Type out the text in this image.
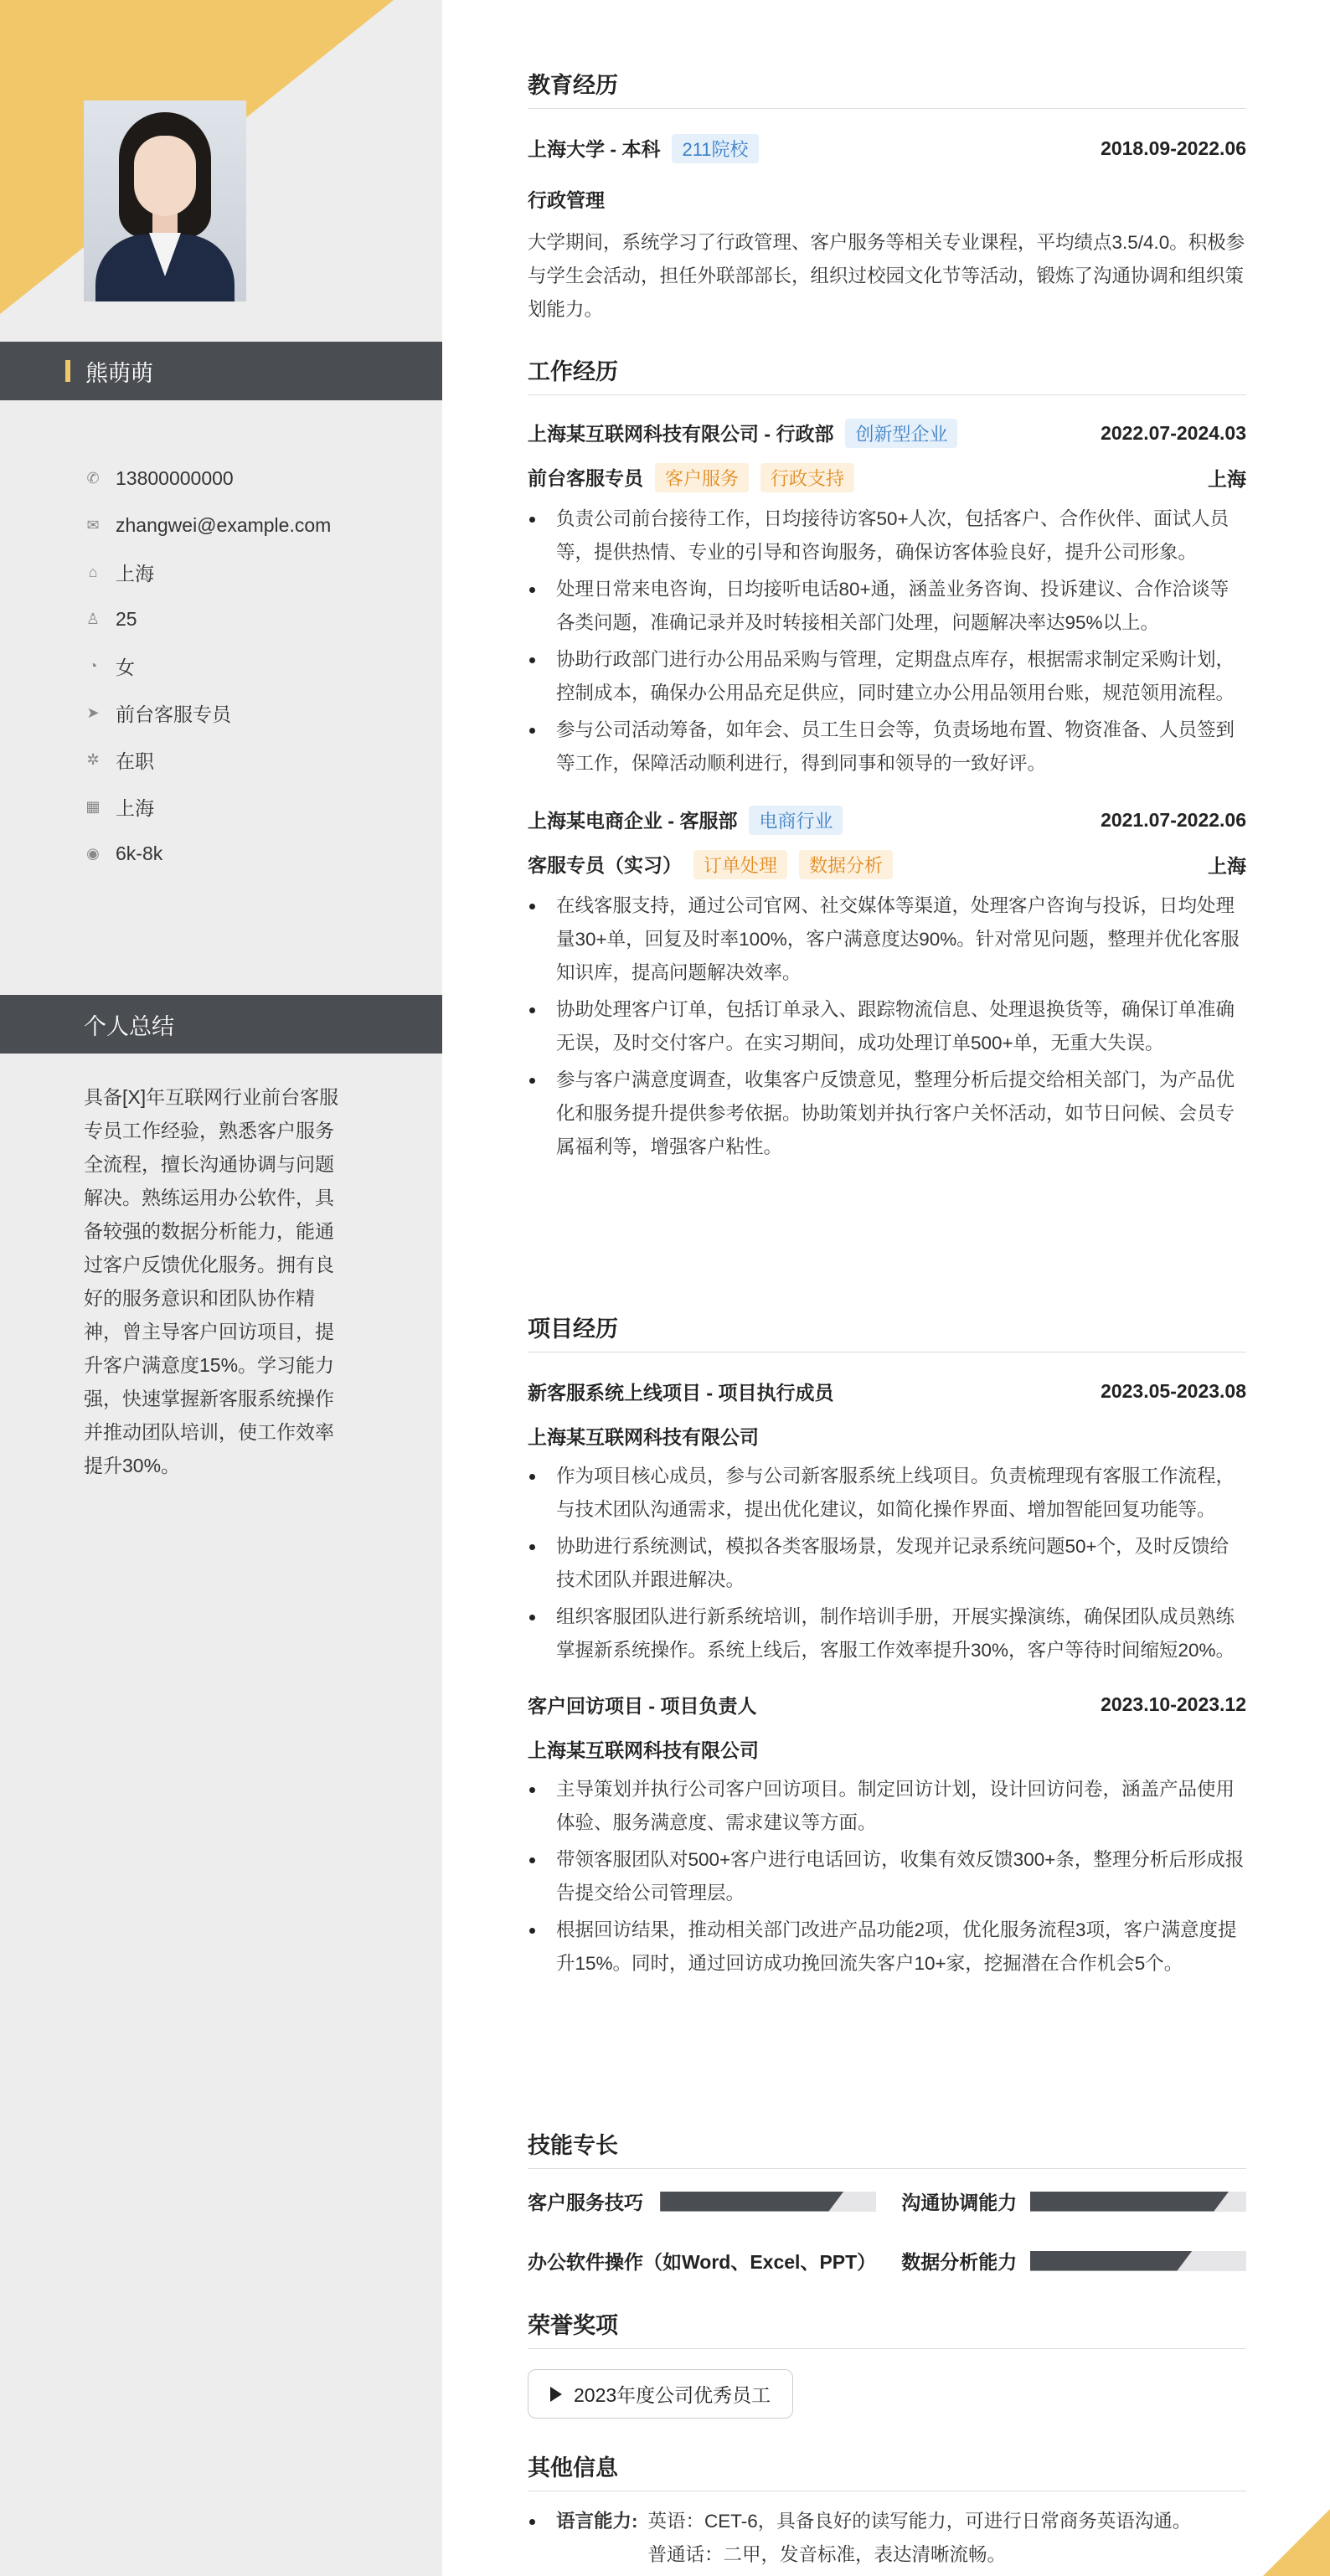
熊萌萌
✆ 13800000000
✉ zhangwei@example.com
⌂ 上海
♙ 25
◔ 女
➤ 前台客服专员
✲ 在职
▦ 上海
◉ 6k-8k
个人总结
具备[X]年互联网行业前台客服专员工作经验，熟悉客户服务全流程，擅长沟通协调与问题解决。熟练运用办公软件，具备较强的数据分析能力，能通过客户反馈优化服务。拥有良好的服务意识和团队协作精神，曾主导客户回访项目，提升客户满意度15%。学习能力强，快速掌握新客服系统操作并推动团队培训，使工作效率提升30%。
教育经历
上海大学 - 本科 211院校	2018.09-2022.06
行政管理
大学期间，系统学习了行政管理、客户服务等相关专业课程，平均绩点3.5/4.0。积极参与学生会活动，担任外联部部长，组织过校园文化节等活动，锻炼了沟通协调和组织策划能力。
工作经历
上海某互联网科技有限公司 - 行政部 创新型企业	2022.07-2024.03
前台客服专员 客户服务 行政支持	上海
负责公司前台接待工作，日均接待访客50+人次，包括客户、合作伙伴、面试人员等，提供热情、专业的引导和咨询服务，确保访客体验良好，提升公司形象。
处理日常来电咨询，日均接听电话80+通，涵盖业务咨询、投诉建议、合作洽谈等各类问题，准确记录并及时转接相关部门处理，问题解决率达95%以上。
协助行政部门进行办公用品采购与管理，定期盘点库存，根据需求制定采购计划，控制成本，确保办公用品充足供应，同时建立办公用品领用台账，规范领用流程。
参与公司活动筹备，如年会、员工生日会等，负责场地布置、物资准备、人员签到等工作，保障活动顺利进行，得到同事和领导的一致好评。
上海某电商企业 - 客服部 电商行业	2021.07-2022.06
客服专员（实习） 订单处理 数据分析	上海
在线客服支持，通过公司官网、社交媒体等渠道，处理客户咨询与投诉，日均处理量30+单，回复及时率100%，客户满意度达90%。针对常见问题，整理并优化客服知识库，提高问题解决效率。
协助处理客户订单，包括订单录入、跟踪物流信息、处理退换货等，确保订单准确无误，及时交付客户。在实习期间，成功处理订单500+单，无重大失误。
参与客户满意度调查，收集客户反馈意见，整理分析后提交给相关部门，为产品优化和服务提升提供参考依据。协助策划并执行客户关怀活动，如节日问候、会员专属福利等，增强客户粘性。
项目经历
新客服系统上线项目 - 项目执行成员	2023.05-2023.08
上海某互联网科技有限公司
作为项目核心成员，参与公司新客服系统上线项目。负责梳理现有客服工作流程，与技术团队沟通需求，提出优化建议，如简化操作界面、增加智能回复功能等。
协助进行系统测试，模拟各类客服场景，发现并记录系统问题50+个，及时反馈给技术团队并跟进解决。
组织客服团队进行新系统培训，制作培训手册，开展实操演练，确保团队成员熟练掌握新系统操作。系统上线后，客服工作效率提升30%，客户等待时间缩短20%。
客户回访项目 - 项目负责人	2023.10-2023.12
上海某互联网科技有限公司
主导策划并执行公司客户回访项目。制定回访计划，设计回访问卷，涵盖产品使用体验、服务满意度、需求建议等方面。
带领客服团队对500+客户进行电话回访，收集有效反馈300+条，整理分析后形成报告提交给公司管理层。
根据回访结果，推动相关部门改进产品功能2项，优化服务流程3项，客户满意度提升15%。同时，通过回访成功挽回流失客户10+家，挖掘潜在合作机会5个。
技能专长
客户服务技巧	沟通协调能力
办公软件操作（如Word、Excel、PPT） 数据分析能力
荣誉奖项
2023年度公司优秀员工
其他信息
语言能力: 英语：CET-6，具备良好的读写能力，可进行日常商务英语沟通。
普通话：二甲，发音标准，表达清晰流畅。
